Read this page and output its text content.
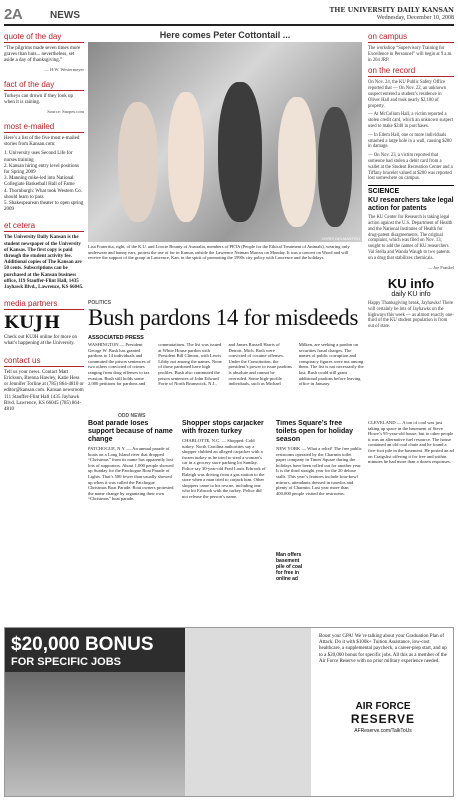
2A	NEWS	THE UNIVERSITY DAILY KANSAN
Wednesday, December 10, 2008
quote of the day
“The pilgrims made seven times more graves than huts... nevertheless, set aside a day of thanksgiving.”
— H.W. Westermeyer
fact of the day
Turkeys can drown if they look up when it is raining.
Source: Snopes.com
most e-mailed
Here’s a list of the five most e-mailed stories from Kansan.com:
1. University uses Second Life for nurses training
2. Kansan hiring entry level positions for Spring 2009
3. Manning mike-led into National Collegiate Basketball Hall of Fame
4. Thornburgh: What took Western Co. should learn to pass
5. Shakespearean theater to open spring 2009
et cetera
The University Daily Kansan is the student newspaper of the University of Kansas. The first copy is paid through the student activity fee. Additional copies of The Kansan are 50 cents. Subscriptions can be purchased at the Kansan business office, 119 Stauffer-Flint Hall, 1435 Jayhawk Blvd., Lawrence, KS 66045.
media partners
KUJH
Check out KUJH online for more on what’s happening at the University.
contact us
Tell us your news. Contact Matt Erickson, Brenna Hawley, Katie Hess or Jennifer Torline at (785) 864-4810 or editor@kansan.com. Kansan newsroom 111 Stauffer-Flint Hall 1435 Jayhawk Blvd. Lawrence, KS 66045 (785) 864-4810
Here comes Peter Cottontail ...
CHRIS DELMASTRO
Lisa Fraterrita, right, of the K.U. and Loocie Bounty of Australia, members of PETA (People for the Ethical Treatment of Animals), wearing only underwear and bunny ears, protest the use of fur in Kansas outside the Lawrence Neiman Marcus on Monday. It was a concert on Wood and will receive the support of the group in Lawrence, Kan. in the spirit of promoting the 1990s city policy with Lawrence and the holidays.
on campus
The workshop “Supervisory Training for Excellence in Personnel” will begin at 9 a.m. in 204 JRP.
on the record
On Nov. 24, the KU Public Safety Office reported that — On Nov. 22, an unknown suspect entered a student’s residence in Oliver Hall and took nearly $2,100 of property.
— At McCollum Hall, a victim reported a stolen credit card, which an unknown suspect used to make $240 in purchases.
— In Edem Hall, one or more individuals smashed a large hole in a wall, causing $200 in damage.
— On Nov. 23, a victim reported that someone had stolen a debit card from a wallet at the Student Recreation Center and a Tiffany bracelet valued at $200 was reported lost somewhere on campus.
SCIENCE
KU researchers take legal action for patents
The KU Center for Research is taking legal action against the U.S. Department of Health and the National Institutes of Health for drug-patent disagreements. The original complaint, which was filed on Nov. 13, sought to add the names of KU researchers Val Stella and Wanda Waugh to two patents on a drug that stabilizes chemicals.
— Joe Frankel
KU info
daily KU info
Happy Thanksgiving break, Jayhawks! There will certainly be lots of Jayhawks on the highways this week — as almost exactly one-third of the KU student population is from out of state.
POLITICS
Bush pardons 14 for misdeeds
ASSOCIATED PRESS
WASHINGTON — President George W. Bush has granted pardons to 14 individuals and commuted the prison sentences of two others convicted of crimes ranging from drug offenses to tax evasion. Bush still holds some 2,000 petitions for pardons and commutations. The list was issued at White House pardon with President Bill Clinton, with Lewis Libby not among the names. None of those pardoned have high profiles. Bush also commuted the prison sentences of John Edward Forte of North Brunswick, N.J., and James Russell Harris of Detroit, Mich. Both were convicted of cocaine offenses. Under the Constitution, the president’s power to issue pardons is absolute and cannot be overruled. Some high-profile individuals, such as Michael Milken, are seeking a pardon on securities fraud charges. The names of public corruption and conspiracy figures were not among them. The list is not necessarily the last; Bush could still grant additional pardons before leaving office in January.
ODD NEWS
Boat parade loses support because of name change

PATCHOGUE, N.Y. — An annual parade of boats on a Long Island river that dropped “Christmas” from its name has apparently lost lots of supporters. About 1,000 people showed up Sunday for the Patchogue Boat Parade of Lights. That’s 500 fewer than usually showed up when it was called the Patchogue Christmas Boat Parade. Boat owners protested the name change by organizing their own “Christmas” boat parade.

Shopper stops carjacker with frozen turkey

CHARLOTTE, N.C. — Shopped: Cold turkey. North Carolina authorities say a shopper clubbed an alleged carjacker with a frozen turkey as he tried to steal a woman’s car in a grocery store parking lot Sunday. Police say 30-year-old Fred Louis Erbrook of Raleigh was driving from a gas station to the store when a man tried to carjack him. Other shoppers came to his rescue, including one who hit Erbrook with the turkey. Police did not release the person’s name.

Times Square’s free toilets open for holiday season

NEW YORK — What a relief! The free public restrooms operated by the Charmin toilet paper company in Times Square during the holidays have been rolled out for another year. It is the third straight year for the 20 deluxe stalls. This year’s features include four-bowl mirrors, attendants dressed in tuxedos and plenty of Charmin. Last year more than 400,000 people visited the restrooms.

Man offers basement pile of coal for free in online ad

CLEVELAND — A ton of coal was just taking up space in the basement of Steve Howe’s 95-year-old house, but to other people it was an alternative fuel resource. The house contained an old coal chute and he found a five-foot pile in the basement. He posted an ad on Craigslist offering it for free and within minutes he had more than a dozen responses.

$20,000 BONUS
FOR SPECIFIC JOBS
Boost your GPA! We’re talking about your Graduation Plan of Attack. Do it with $100k+ Tuition Assistance, low-cost healthcare, a supplemental paycheck, a career-prep start, and up to a $20,000 bonus for specific jobs. All this as a member of the Air Force Reserve with no prior military experience needed.
AIR FORCE
RESERVE
AFReserve.com/TalkToUs
